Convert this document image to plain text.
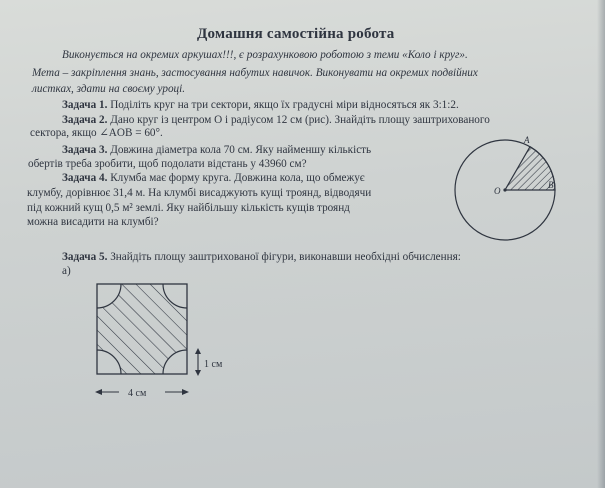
Домашня самостійна робота
Виконується на окремих аркушах!!!, є розрахунковою роботою з теми «Коло і круг».
Мета – закріплення знань, застосування набутих навичок. Виконувати на окремих подвійних
листках, здати на своєму уроці.
Задача 1. Поділіть круг на три сектори, якщо їх градусні міри відносяться як 3:1:2.
Задача 2. Дано круг із центром О і радіусом 12 см (рис). Знайдіть площу заштрихованого
сектора, якщо ∠AOB = 60°.
Задача 3. Довжина діаметра кола 70 см. Яку найменшу кількість
обертів треба зробити, щоб подолати відстань у 43960 см?
Задача 4. Клумба має форму круга. Довжина кола, що обмежує
клумбу, дорівнює 31,4 м. На клумбі висаджують кущі троянд, відводячи
під кожний кущ 0,5 м² землі. Яку найбільшу кількість кущів троянд
можна висадити на клумбі?
A
B
O
Задача 5. Знайдіть площу заштрихованої фігури, виконавши необхідні обчислення:
а)
1 см
4 см
